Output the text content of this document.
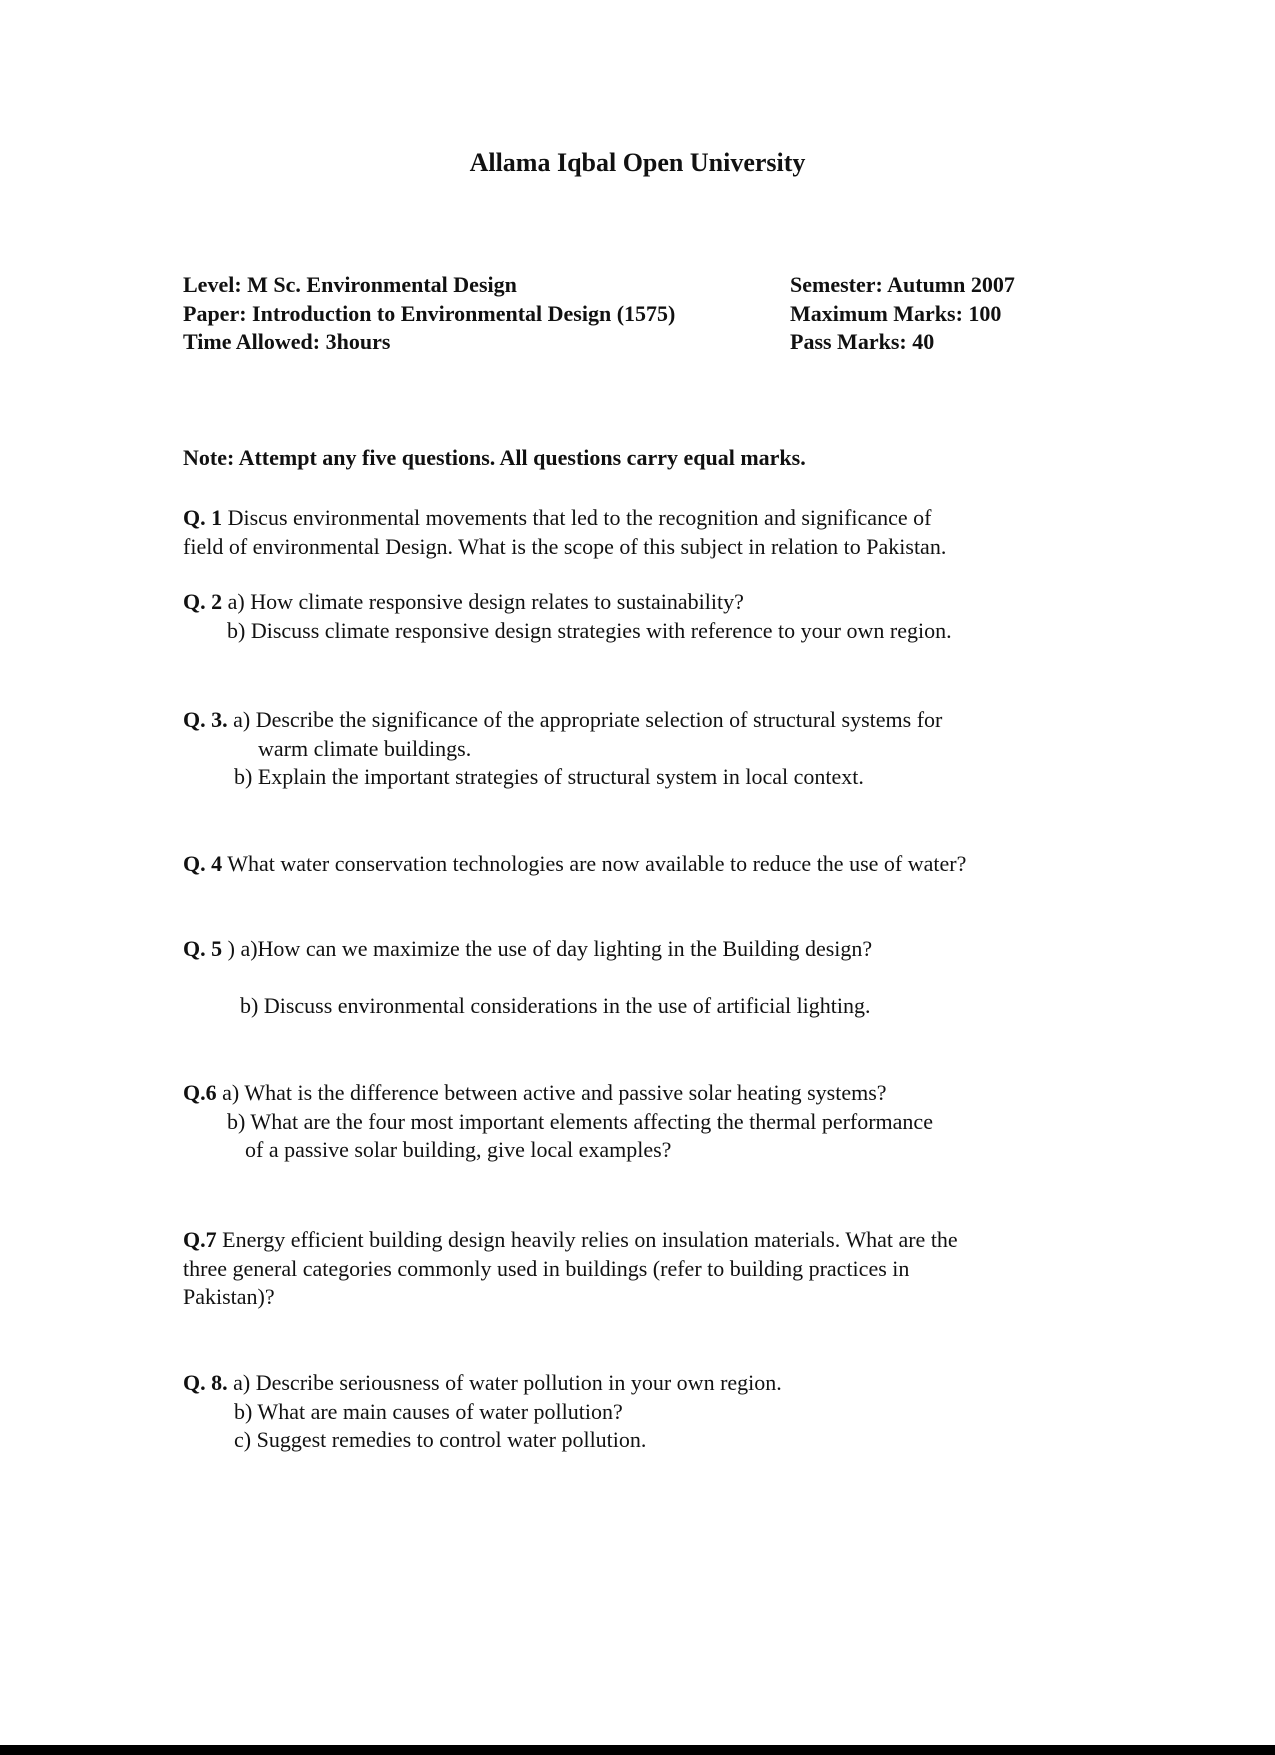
Allama Iqbal Open University
Level: M Sc. Environmental Design
Paper: Introduction to Environmental Design (1575)
Time Allowed: 3hours
Semester: Autumn 2007
Maximum Marks: 100
Pass Marks: 40
Note: Attempt any five questions. All questions carry equal marks.
Q. 1 Discus environmental movements that led to the recognition and significance of
field of environmental Design. What is the scope of this subject in relation to Pakistan.
Q. 2 a) How climate responsive design relates to sustainability?
b) Discuss climate responsive design strategies with reference to your own region.
Q. 3. a) Describe the significance of the appropriate selection of structural systems for
warm climate buildings.
b) Explain the important strategies of structural system in local context.
Q. 4 What water conservation technologies are now available to reduce the use of water?
Q. 5 ) a)How can we maximize the use of day lighting in the Building design?
b) Discuss environmental considerations in the use of artificial lighting.
Q.6 a) What is the difference between active and passive solar heating systems?
b) What are the four most important elements affecting the thermal performance
of a passive solar building, give local examples?
Q.7 Energy efficient building design heavily relies on insulation materials. What are the
three general categories commonly used in buildings (refer to building practices in
Pakistan)?
Q. 8. a) Describe seriousness of water pollution in your own region.
b) What are main causes of water pollution?
c) Suggest remedies to control water pollution.
